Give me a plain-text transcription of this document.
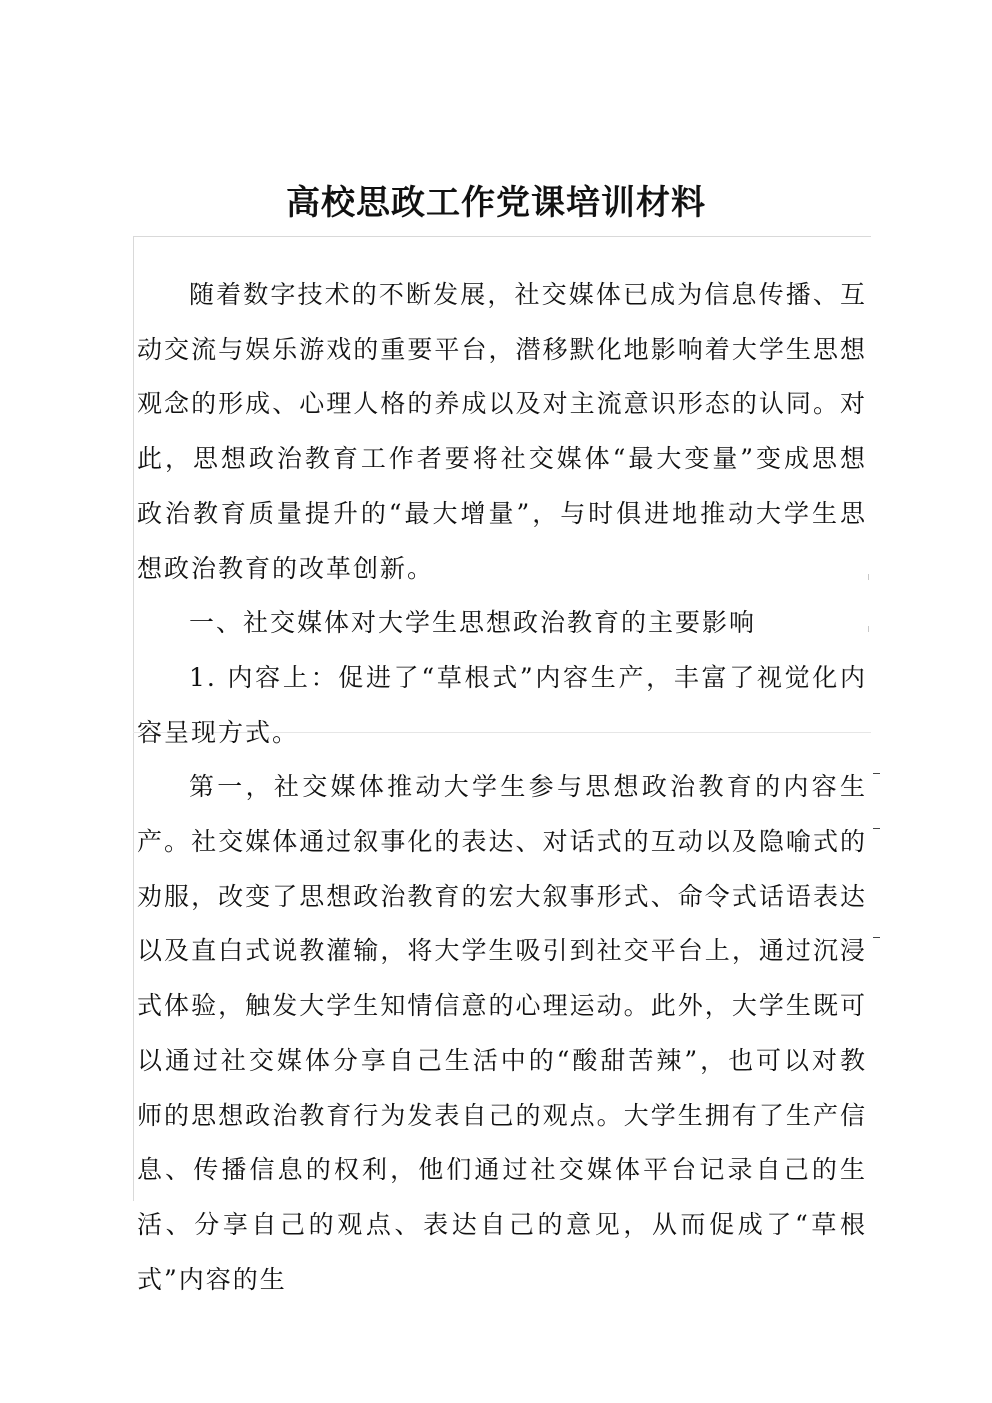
高校思政工作党课培训材料

随着数字技术的不断发展，社交媒体已成为信息传播、互动交流与娱乐游戏的重要平台，潜移默化地影响着大学生思想观念的形成、心理人格的养成以及对主流意识形态的认同。对此，思想政治教育工作者要将社交媒体“最大变量”变成思想政治教育质量提升的“最大增量”，与时俱进地推动大学生思想政治教育的改革创新。

一、社交媒体对大学生思想政治教育的主要影响

1. 内容上：促进了“草根式”内容生产，丰富了视觉化内容呈现方式。

第一，社交媒体推动大学生参与思想政治教育的内容生产。社交媒体通过叙事化的表达、对话式的互动以及隐喻式的劝服，改变了思想政治教育的宏大叙事形式、命令式话语表达以及直白式说教灌输，将大学生吸引到社交平台上，通过沉浸式体验，触发大学生知情信意的心理运动。此外，大学生既可以通过社交媒体分享自己生活中的“酸甜苦辣”，也可以对教师的思想政治教育行为发表自己的观点。大学生拥有了生产信息、传播信息的权利，他们通过社交媒体平台记录自己的生活、分享自己的观点、表达自己的意见，从而促成了“草根式”内容的生
